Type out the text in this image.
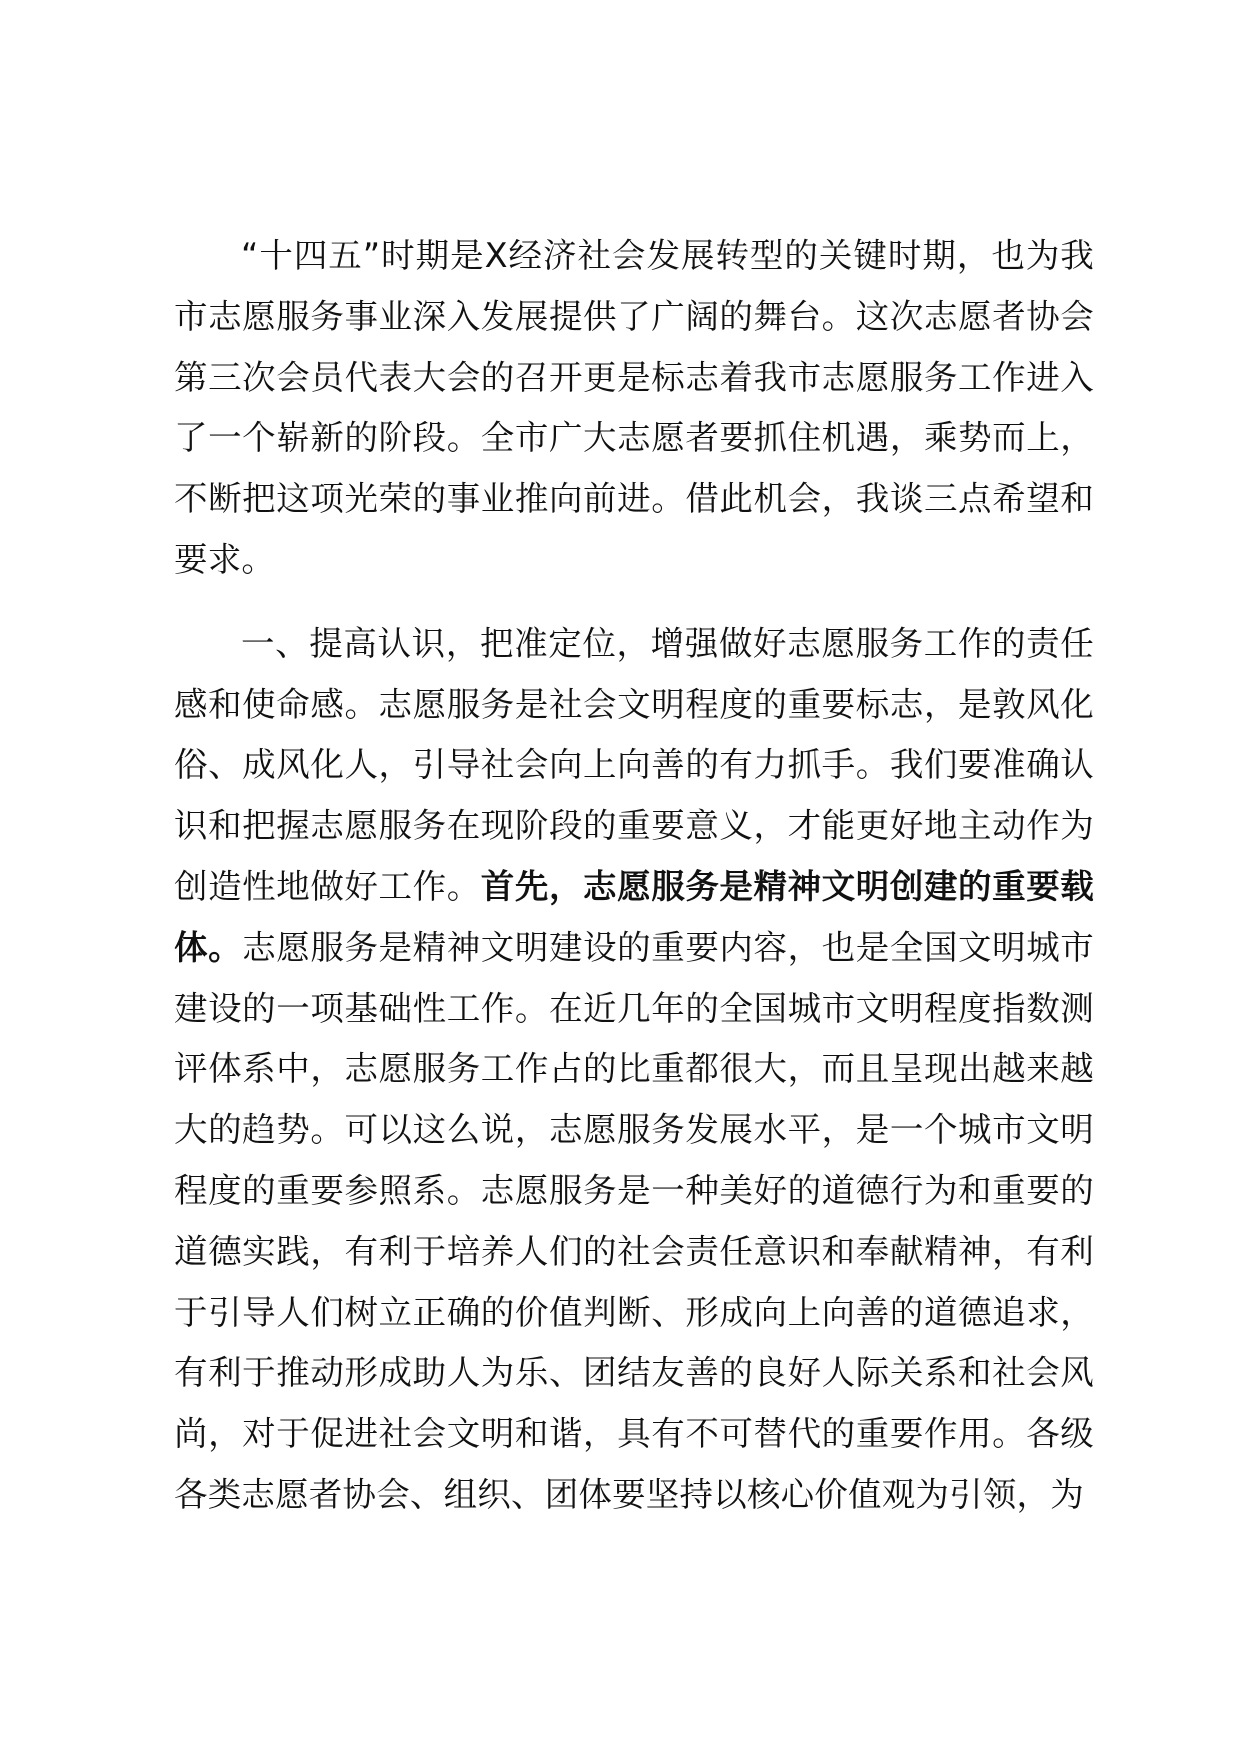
“十四五”时期是X经济社会发展转型的关键时期，也为我市志愿服务事业深入发展提供了广阔的舞台。这次志愿者协会第三次会员代表大会的召开更是标志着我市志愿服务工作进入了一个崭新的阶段。全市广大志愿者要抓住机遇，乘势而上，不断把这项光荣的事业推向前进。借此机会，我谈三点希望和要求。

一、提高认识，把准定位，增强做好志愿服务工作的责任感和使命感。志愿服务是社会文明程度的重要标志，是敦风化俗、成风化人，引导社会向上向善的有力抓手。我们要准确认识和把握志愿服务在现阶段的重要意义，才能更好地主动作为创造性地做好工作。首先，志愿服务是精神文明创建的重要载体。志愿服务是精神文明建设的重要内容，也是全国文明城市建设的一项基础性工作。在近几年的全国城市文明程度指数测评体系中，志愿服务工作占的比重都很大，而且呈现出越来越大的趋势。可以这么说，志愿服务发展水平，是一个城市文明程度的重要参照系。志愿服务是一种美好的道德行为和重要的道德实践，有利于培养人们的社会责任意识和奉献精神，有利于引导人们树立正确的价值判断、形成向上向善的道德追求，有利于推动形成助人为乐、团结友善的良好人际关系和社会风尚，对于促进社会文明和谐，具有不可替代的重要作用。各级各类志愿者协会、组织、团体要坚持以核心价值观为引领，为
